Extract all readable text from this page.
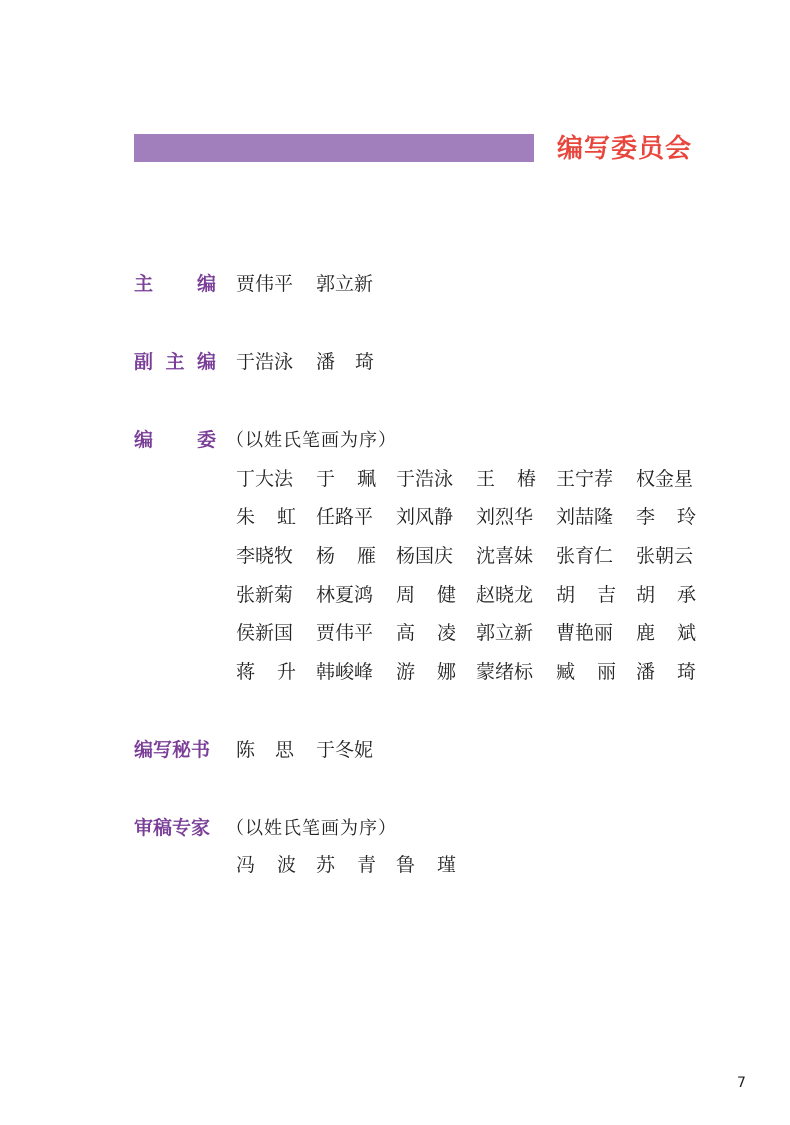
编写委员会
主 编 贾伟平 郭立新
副 主 编 于浩泳 潘 琦
编 委 （以姓氏笔画为序）
丁大法 于 珮 于浩泳 王 椿 王宁荐 权金星
朱 虹 任路平 刘风静 刘烈华 刘喆隆 李 玲
李晓牧 杨 雁 杨国庆 沈喜妹 张育仁 张朝云
张新菊 林夏鸿 周 健 赵晓龙 胡 吉 胡 承
侯新国 贾伟平 高 凌 郭立新 曹艳丽 鹿 斌
蒋 升 韩峻峰 游 娜 蒙绪标 臧 丽 潘 琦
编写秘书	陈 思 于冬妮
审稿专家 （以姓氏笔画为序）
冯 波 苏 青 鲁 瑾
7
